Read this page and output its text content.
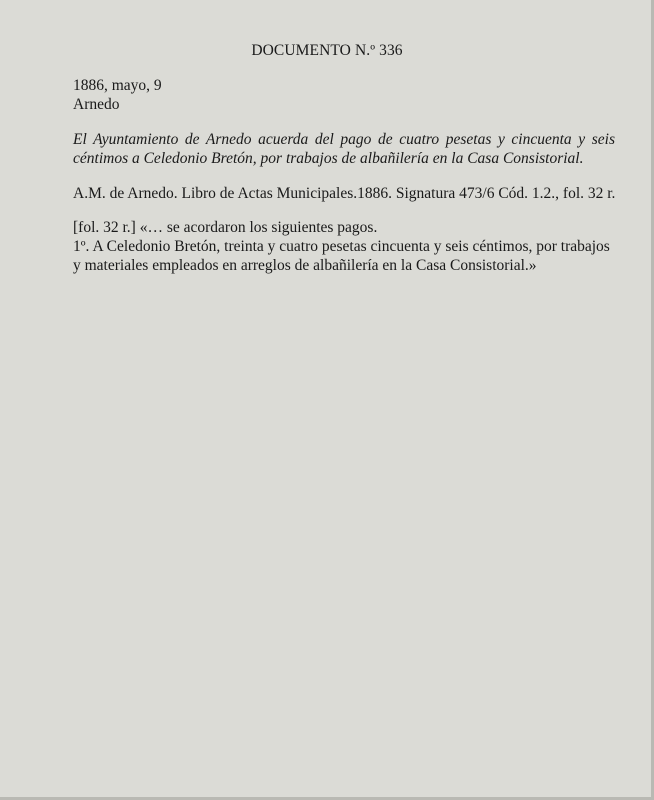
DOCUMENTO N.º 336
1886, mayo, 9
Arnedo
El Ayuntamiento de Arnedo acuerda del pago de cuatro pesetas y cincuenta y seis céntimos a Celedonio Bretón, por trabajos de albañilería en la Casa Consistorial.
A.M. de Arnedo. Libro de Actas Municipales.1886. Signatura 473/6 Cód. 1.2., fol. 32 r.
[fol. 32 r.] «… se acordaron los siguientes pagos.
1º. A Celedonio Bretón, treinta y cuatro pesetas cincuenta y seis céntimos, por trabajos
y materiales empleados en arreglos de albañilería en la Casa Consistorial.»
